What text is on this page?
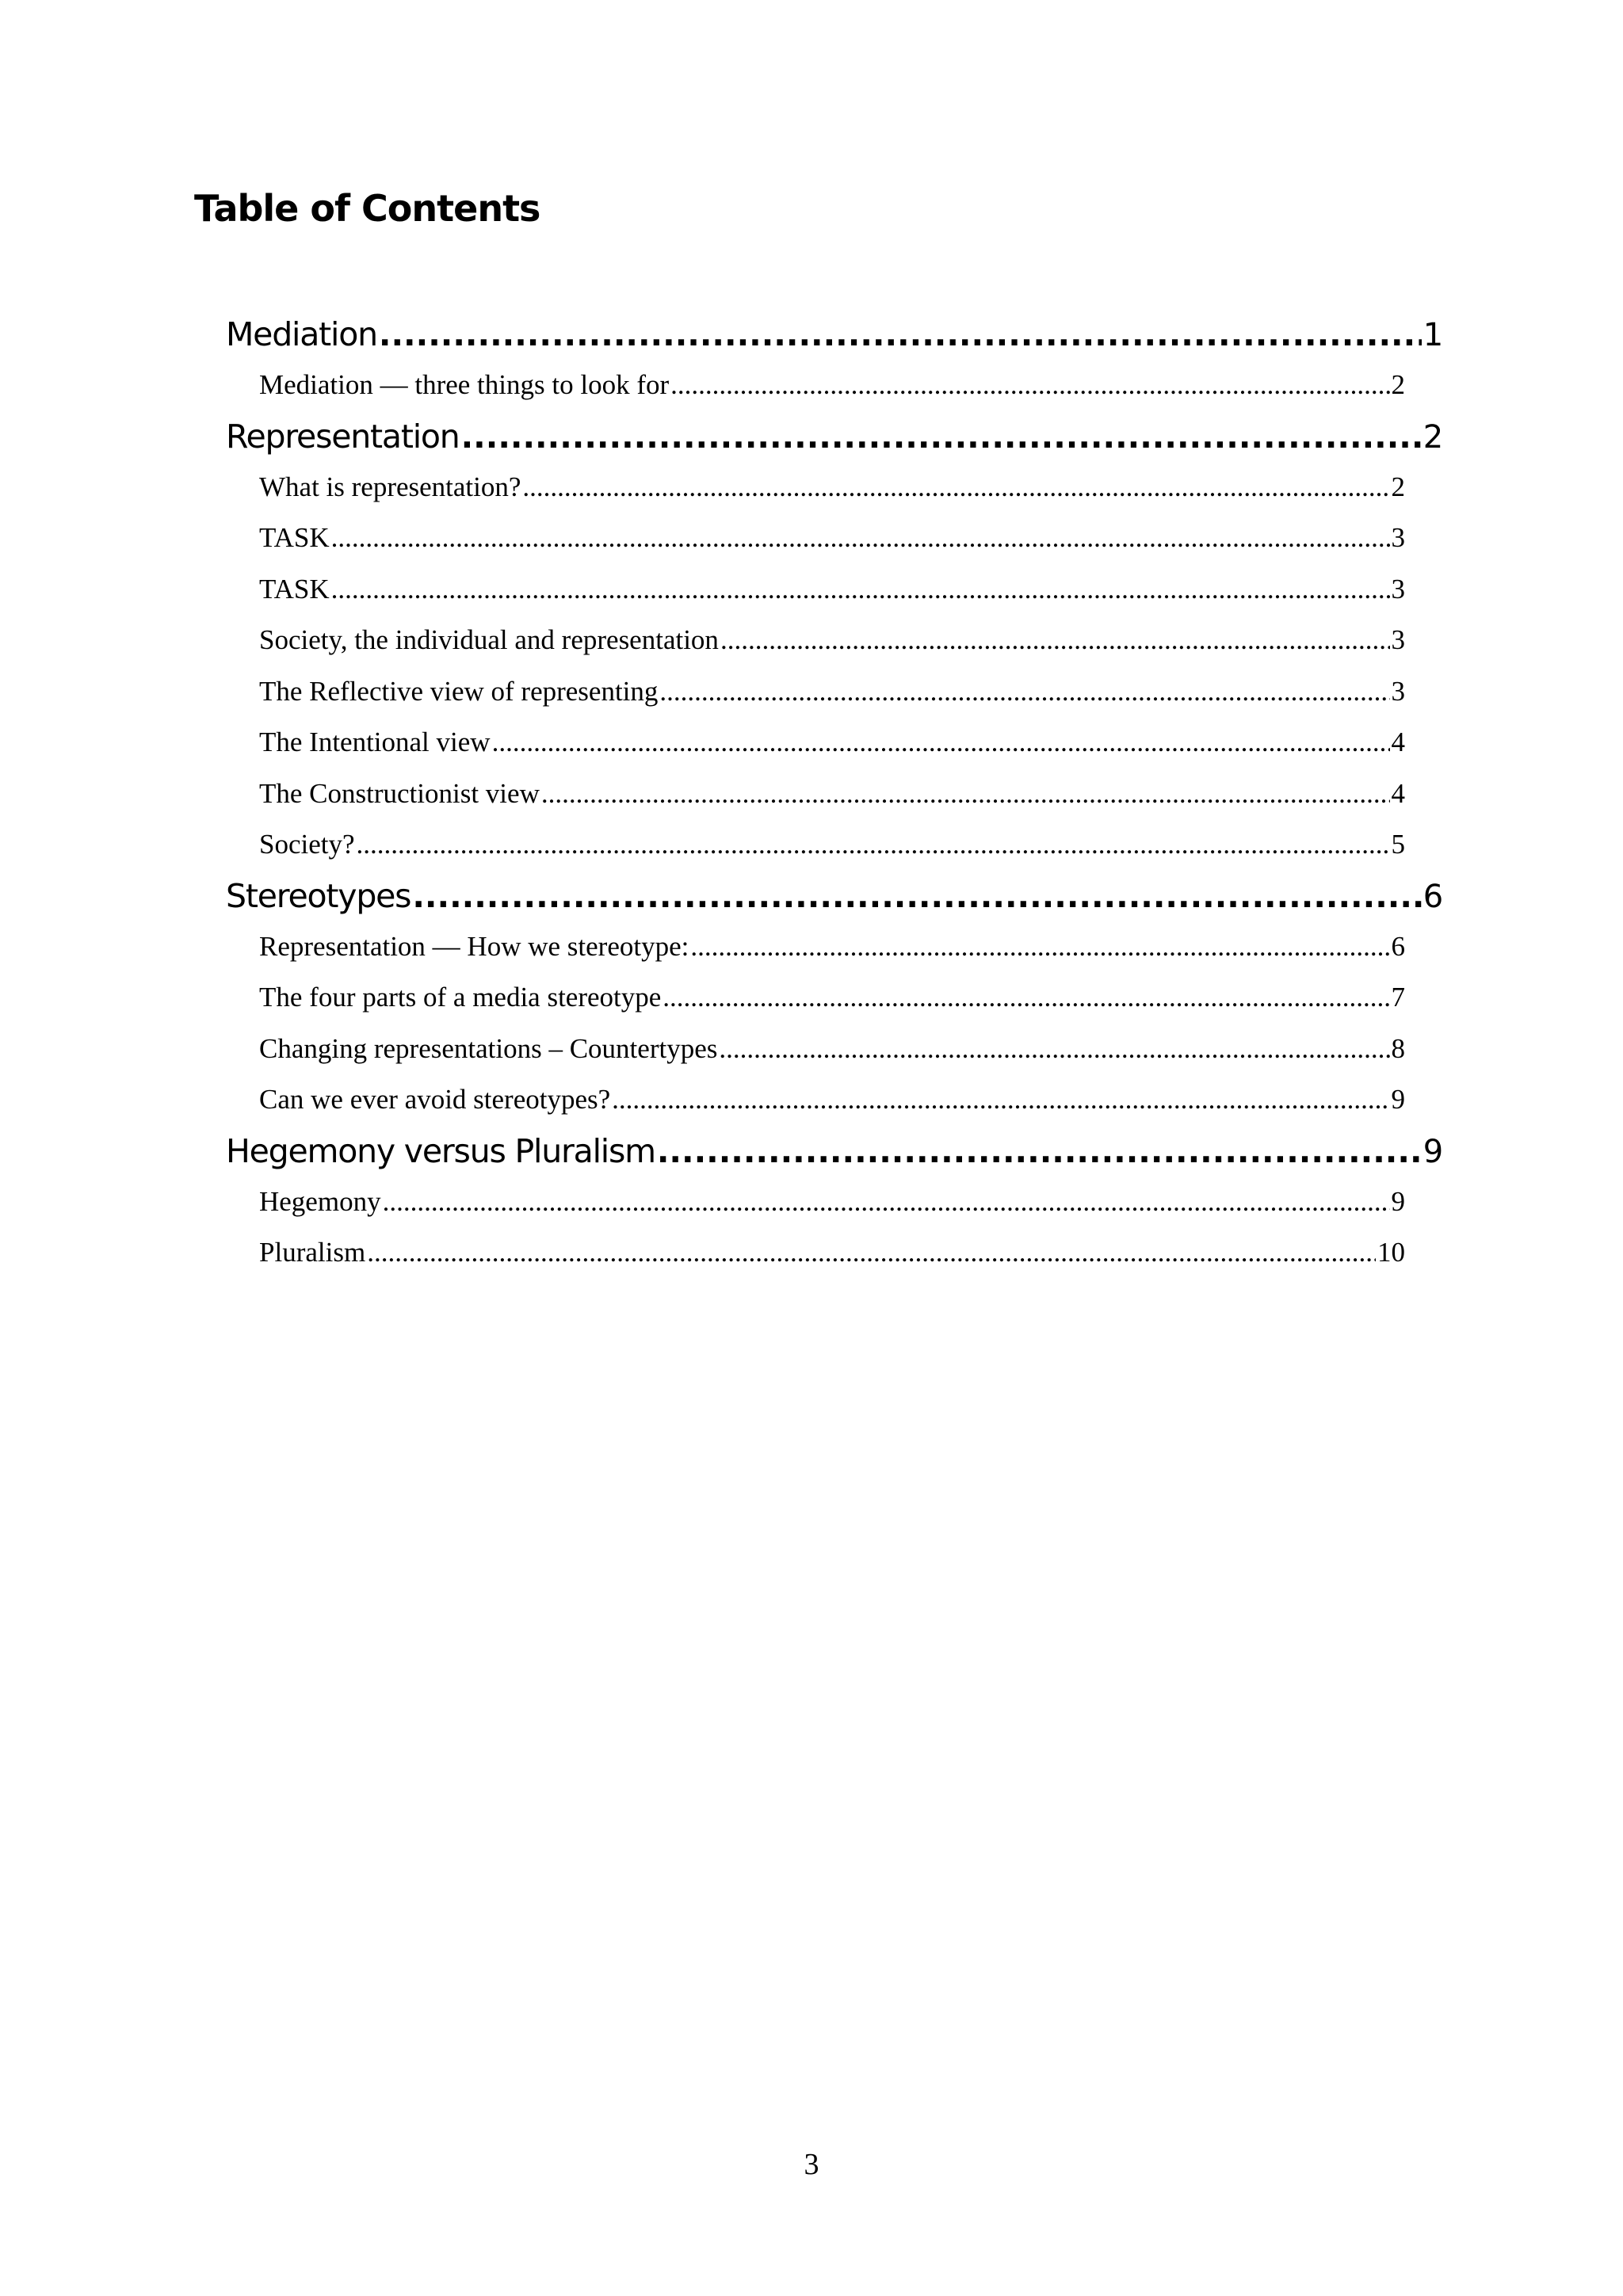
Table of Contents
Mediation .....	1
Mediation — three things to look for .....	2
Representation .....	2
What is representation? .....	2
TASK .....	3
TASK .....	3
Society, the individual and representation .....	3
The Reflective view of representing .....	3
The Intentional view .....	4
The Constructionist view .....	4
Society? .....	5
Stereotypes .....	6
Representation — How we stereotype: .....	6
The four parts of a media stereotype .....	7
Changing representations – Countertypes .....	8
Can we ever avoid stereotypes? .....	9
Hegemony versus Pluralism .....	9
Hegemony .....	9
Pluralism .....	10
3
